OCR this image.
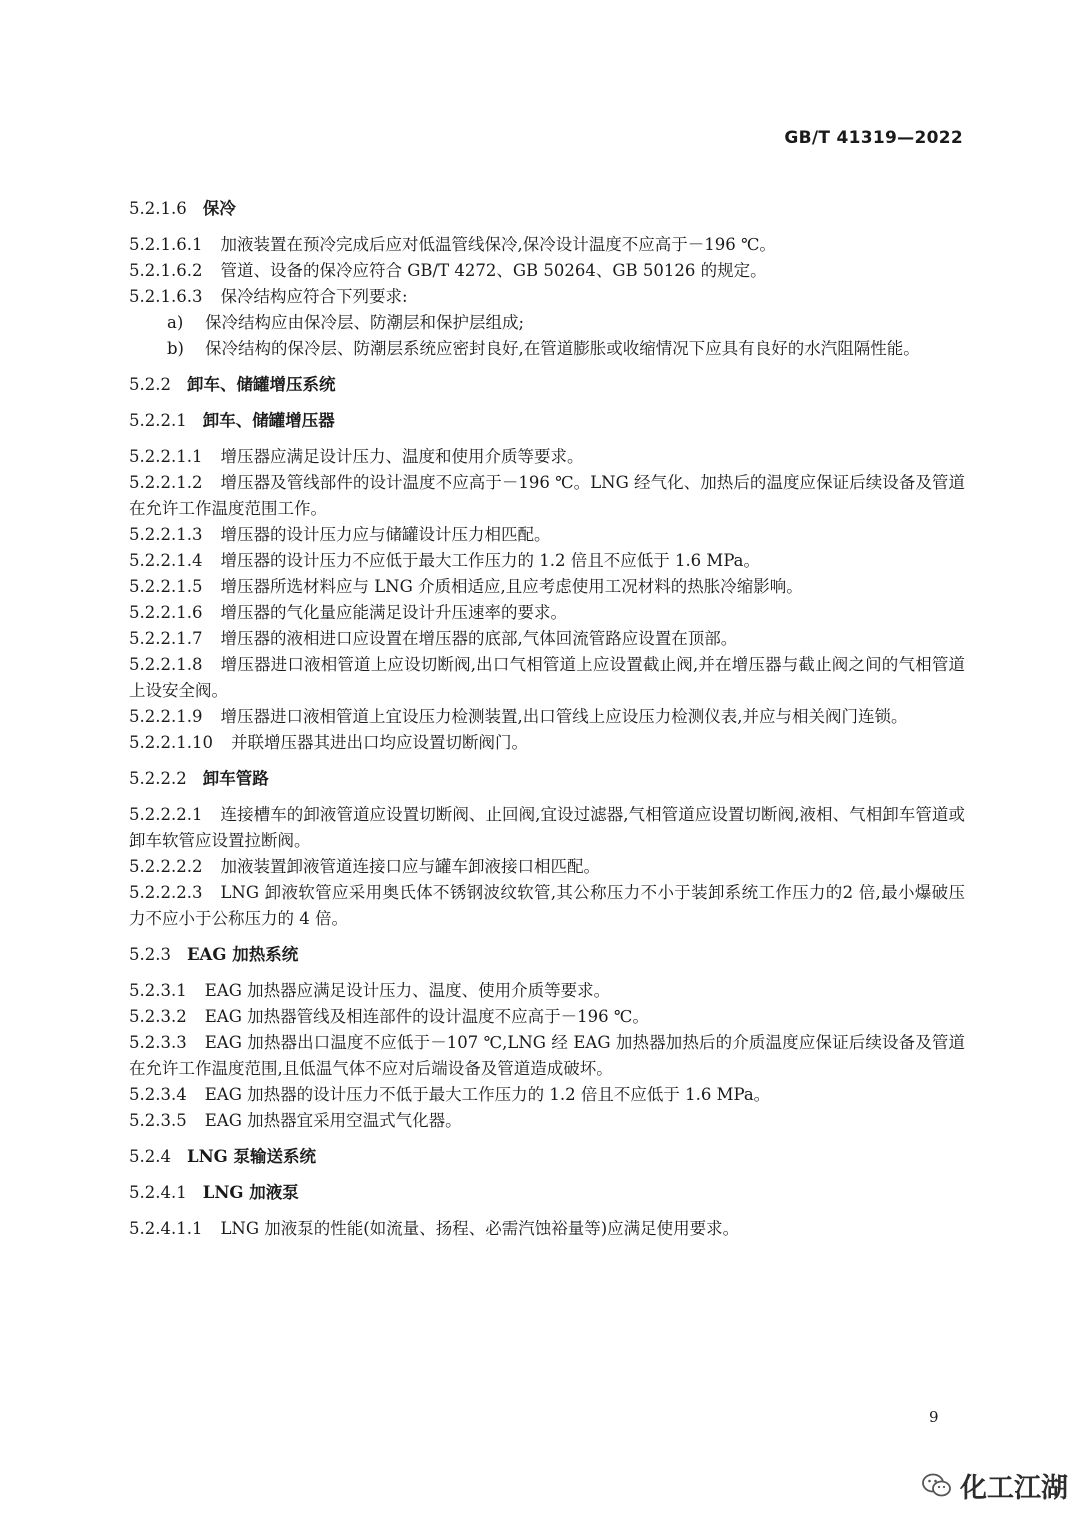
GB/T 41319—2022

5.2.1.6 保冷

5.2.1.6.1 加液装置在预冷完成后应对低温管线保冷,保冷设计温度不应高于－196 ℃。

5.2.1.6.2 管道、设备的保冷应符合 GB/T 4272、GB 50264、GB 50126 的规定。

5.2.1.6.3 保冷结构应符合下列要求:

a) 保冷结构应由保冷层、防潮层和保护层组成;

b) 保冷结构的保冷层、防潮层系统应密封良好,在管道膨胀或收缩情况下应具有良好的水汽阻隔性能。

5.2.2 卸车、储罐增压系统

5.2.2.1 卸车、储罐增压器

5.2.2.1.1 增压器应满足设计压力、温度和使用介质等要求。

5.2.2.1.2 增压器及管线部件的设计温度不应高于－196 ℃。LNG 经气化、加热后的温度应保证后续设备及管道在允许工作温度范围工作。

5.2.2.1.3 增压器的设计压力应与储罐设计压力相匹配。

5.2.2.1.4 增压器的设计压力不应低于最大工作压力的 1.2 倍且不应低于 1.6 MPa。

5.2.2.1.5 增压器所选材料应与 LNG 介质相适应,且应考虑使用工况材料的热胀冷缩影响。

5.2.2.1.6 增压器的气化量应能满足设计升压速率的要求。

5.2.2.1.7 增压器的液相进口应设置在增压器的底部,气体回流管路应设置在顶部。

5.2.2.1.8 增压器进口液相管道上应设切断阀,出口气相管道上应设置截止阀,并在增压器与截止阀之间的气相管道上设安全阀。

5.2.2.1.9 增压器进口液相管道上宜设压力检测装置,出口管线上应设压力检测仪表,并应与相关阀门连锁。

5.2.2.1.10 并联增压器其进出口均应设置切断阀门。

5.2.2.2 卸车管路

5.2.2.2.1 连接槽车的卸液管道应设置切断阀、止回阀,宜设过滤器,气相管道应设置切断阀,液相、气相卸车管道或卸车软管应设置拉断阀。

5.2.2.2.2 加液装置卸液管道连接口应与罐车卸液接口相匹配。

5.2.2.2.3 LNG 卸液软管应采用奥氏体不锈钢波纹软管,其公称压力不小于装卸系统工作压力的2 倍,最小爆破压力不应小于公称压力的 4 倍。

5.2.3 EAG 加热系统

5.2.3.1 EAG 加热器应满足设计压力、温度、使用介质等要求。

5.2.3.2 EAG 加热器管线及相连部件的设计温度不应高于－196 ℃。

5.2.3.3 EAG 加热器出口温度不应低于－107 ℃,LNG 经 EAG 加热器加热后的介质温度应保证后续设备及管道在允许工作温度范围,且低温气体不应对后端设备及管道造成破坏。

5.2.3.4 EAG 加热器的设计压力不低于最大工作压力的 1.2 倍且不应低于 1.6 MPa。

5.2.3.5 EAG 加热器宜采用空温式气化器。

5.2.4 LNG 泵输送系统

5.2.4.1 LNG 加液泵

5.2.4.1.1 LNG 加液泵的性能(如流量、扬程、必需汽蚀裕量等)应满足使用要求。

9
化工江湖
